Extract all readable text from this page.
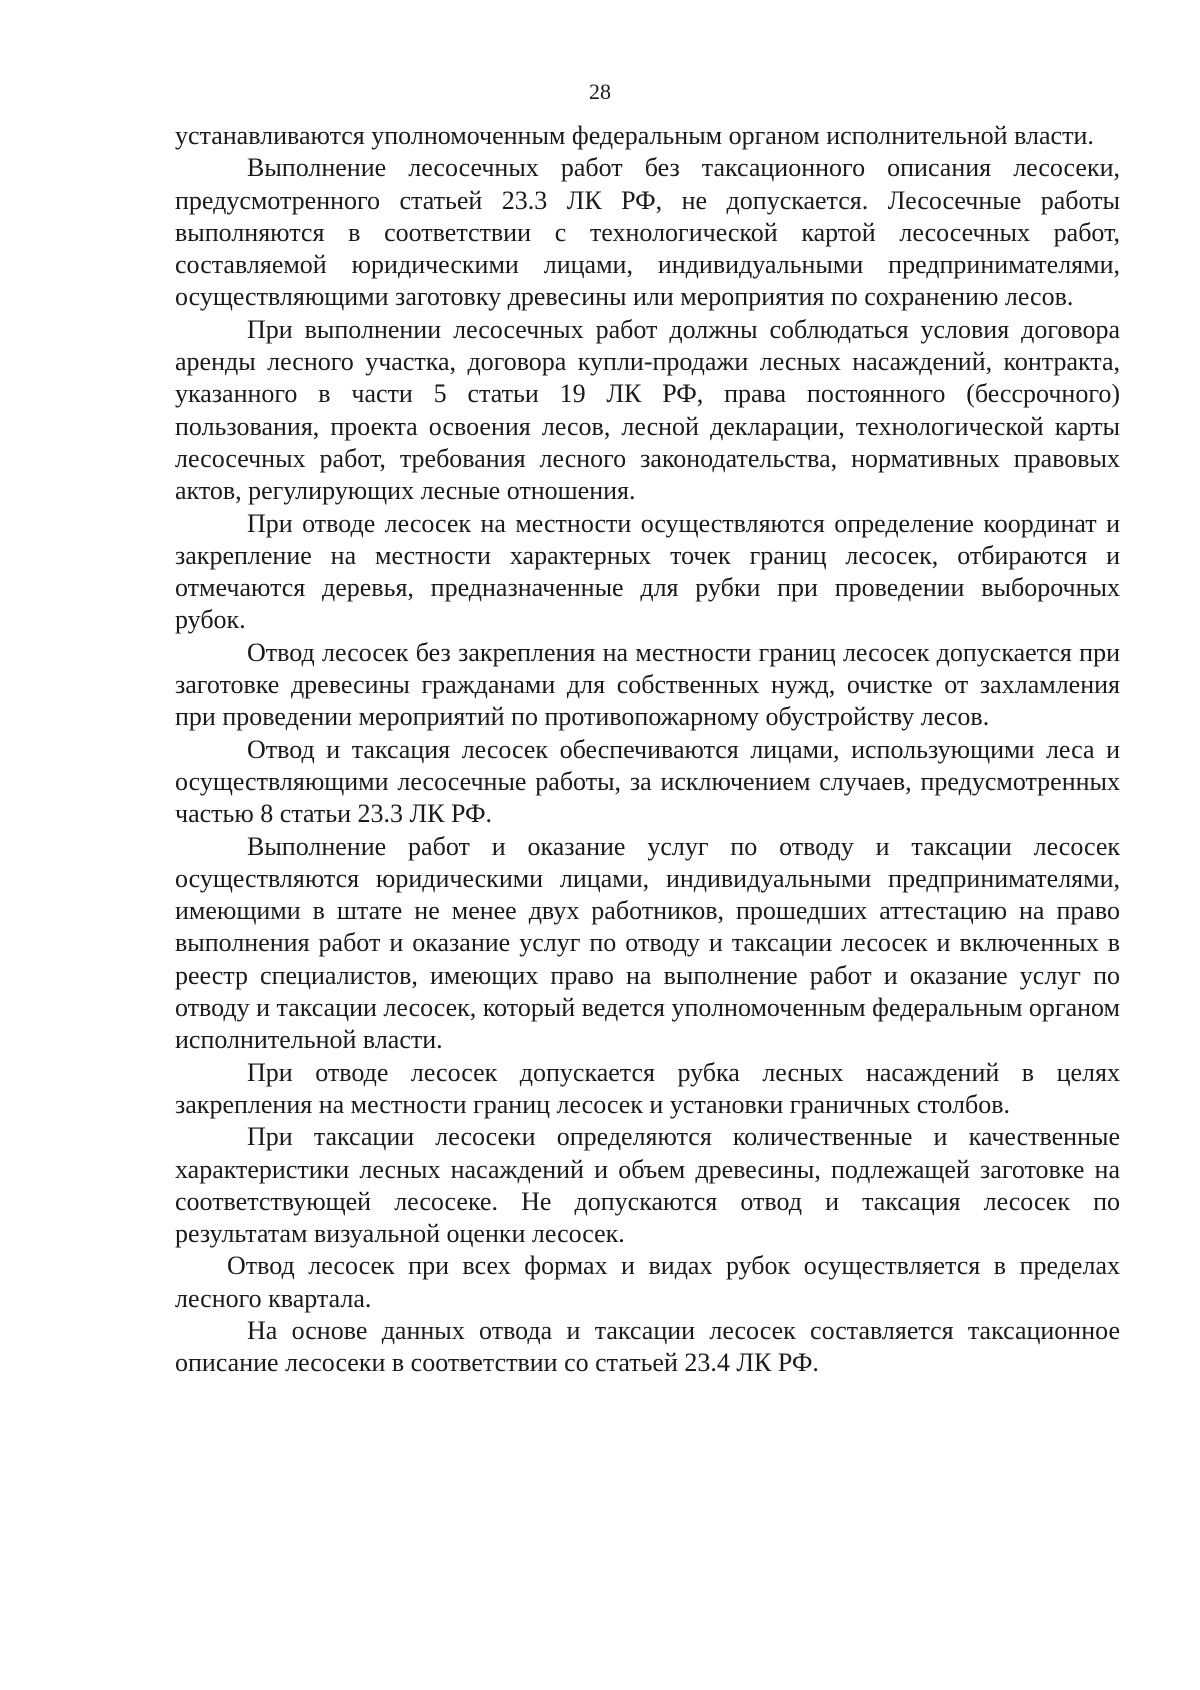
28

устанавливаются уполномоченным федеральным органом исполнительной власти.

Выполнение лесосечных работ без таксационного описания лесосеки, предусмотренного статьей 23.3 ЛК РФ, не допускается. Лесосечные работы выполняются в соответствии с технологической картой лесосечных работ, составляемой юридическими лицами, индивидуальными предпринимателями, осуществляющими заготовку древесины или мероприятия по сохранению лесов.

При выполнении лесосечных работ должны соблюдаться условия договора аренды лесного участка, договора купли-продажи лесных насаждений, контракта, указанного в части 5 статьи 19 ЛК РФ, права постоянного (бессрочного) пользования, проекта освоения лесов, лесной декларации, технологической карты лесосечных работ, требования лесного законодательства, нормативных правовых актов, регулирующих лесные отношения.

При отводе лесосек на местности осуществляются определение координат и закрепление на местности характерных точек границ лесосек, отбираются и отмечаются деревья, предназначенные для рубки при проведении выборочных рубок.

Отвод лесосек без закрепления на местности границ лесосек допускается при заготовке древесины гражданами для собственных нужд, очистке от захламления при проведении мероприятий по противопожарному обустройству лесов.

Отвод и таксация лесосек обеспечиваются лицами, использующими леса и осуществляющими лесосечные работы, за исключением случаев, предусмотренных частью 8 статьи 23.3 ЛК РФ.

Выполнение работ и оказание услуг по отводу и таксации лесосек осуществляются юридическими лицами, индивидуальными предпринимателями, имеющими в штате не менее двух работников, прошедших аттестацию на право выполнения работ и оказание услуг по отводу и таксации лесосек и включенных в реестр специалистов, имеющих право на выполнение работ и оказание услуг по отводу и таксации лесосек, который ведется уполномоченным федеральным органом исполнительной власти.

При отводе лесосек допускается рубка лесных насаждений в целях закрепления на местности границ лесосек и установки граничных столбов.

При таксации лесосеки определяются количественные и качественные характеристики лесных насаждений и объем древесины, подлежащей заготовке на соответствующей лесосеке. Не допускаются отвод и таксация лесосек по результатам визуальной оценки лесосек.

Отвод лесосек при всех формах и видах рубок осуществляется в пределах лесного квартала.

На основе данных отвода и таксации лесосек составляется таксационное описание лесосеки в соответствии со статьей 23.4 ЛК РФ.
